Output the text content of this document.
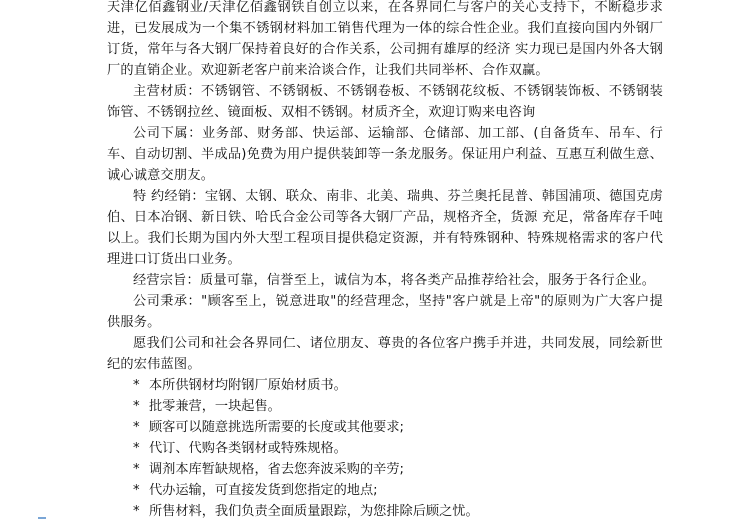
天津亿佰鑫钢业/天津亿佰鑫钢铁自创立以来，在各界同仁与客户的关心支持下，不断稳步求进，已发展成为一个集不锈钢材料加工销售代理为一体的综合性企业。我们直接向国内外钢厂订货，常年与各大钢厂保持着良好的合作关系，公司拥有雄厚的经济 实力现已是国内外各大钢厂的直销企业。欢迎新老客户前来洽谈合作，让我们共同举杯、合作双赢。

主营材质：不锈钢管、不锈钢板、不锈钢卷板、不锈钢花纹板、不锈钢装饰板、不锈钢装饰管、不锈钢拉丝、镜面板、双相不锈钢。材质齐全，欢迎订购来电咨询

公司下属：业务部、财务部、快运部、运输部、仓储部、加工部、(自备货车、吊车、行车、自动切割、半成品)免费为用户提供装卸等一条龙服务。保证用户利益、互惠互利做生意、诚心诚意交朋友。

特 约经销：宝钢、太钢、联众、南非、北美、瑞典、芬兰奥托昆普、韩国浦项、德国克虏伯、日本冶钢、新日铁、哈氏合金公司等各大钢厂产品，规格齐全，货源 充足，常备库存千吨以上。我们长期为国内外大型工程项目提供稳定资源，并有特殊钢种、特殊规格需求的客户代理进口订货出口业务。

经营宗旨：质量可靠，信誉至上，诚信为本，将各类产品推荐给社会，服务于各行企业。

公司秉承："顾客至上，锐意进取"的经营理念，坚持"客户就是上帝"的原则为广大客户提供服务。

愿我们公司和社会各界同仁、诸位朋友、尊贵的各位客户携手并进，共同发展，同绘新世纪的宏伟蓝图。

* 本所供钢材均附钢厂原始材质书。
* 批零兼营，一块起售。
* 顾客可以随意挑选所需要的长度或其他要求;
* 代订、代购各类钢材或特殊规格。
* 调剂本库暂缺规格，省去您奔波采购的辛劳;
* 代办运输，可直接发货到您指定的地点;
* 所售材料，我们负责全面质量跟踪，为您排除后顾之忧。
